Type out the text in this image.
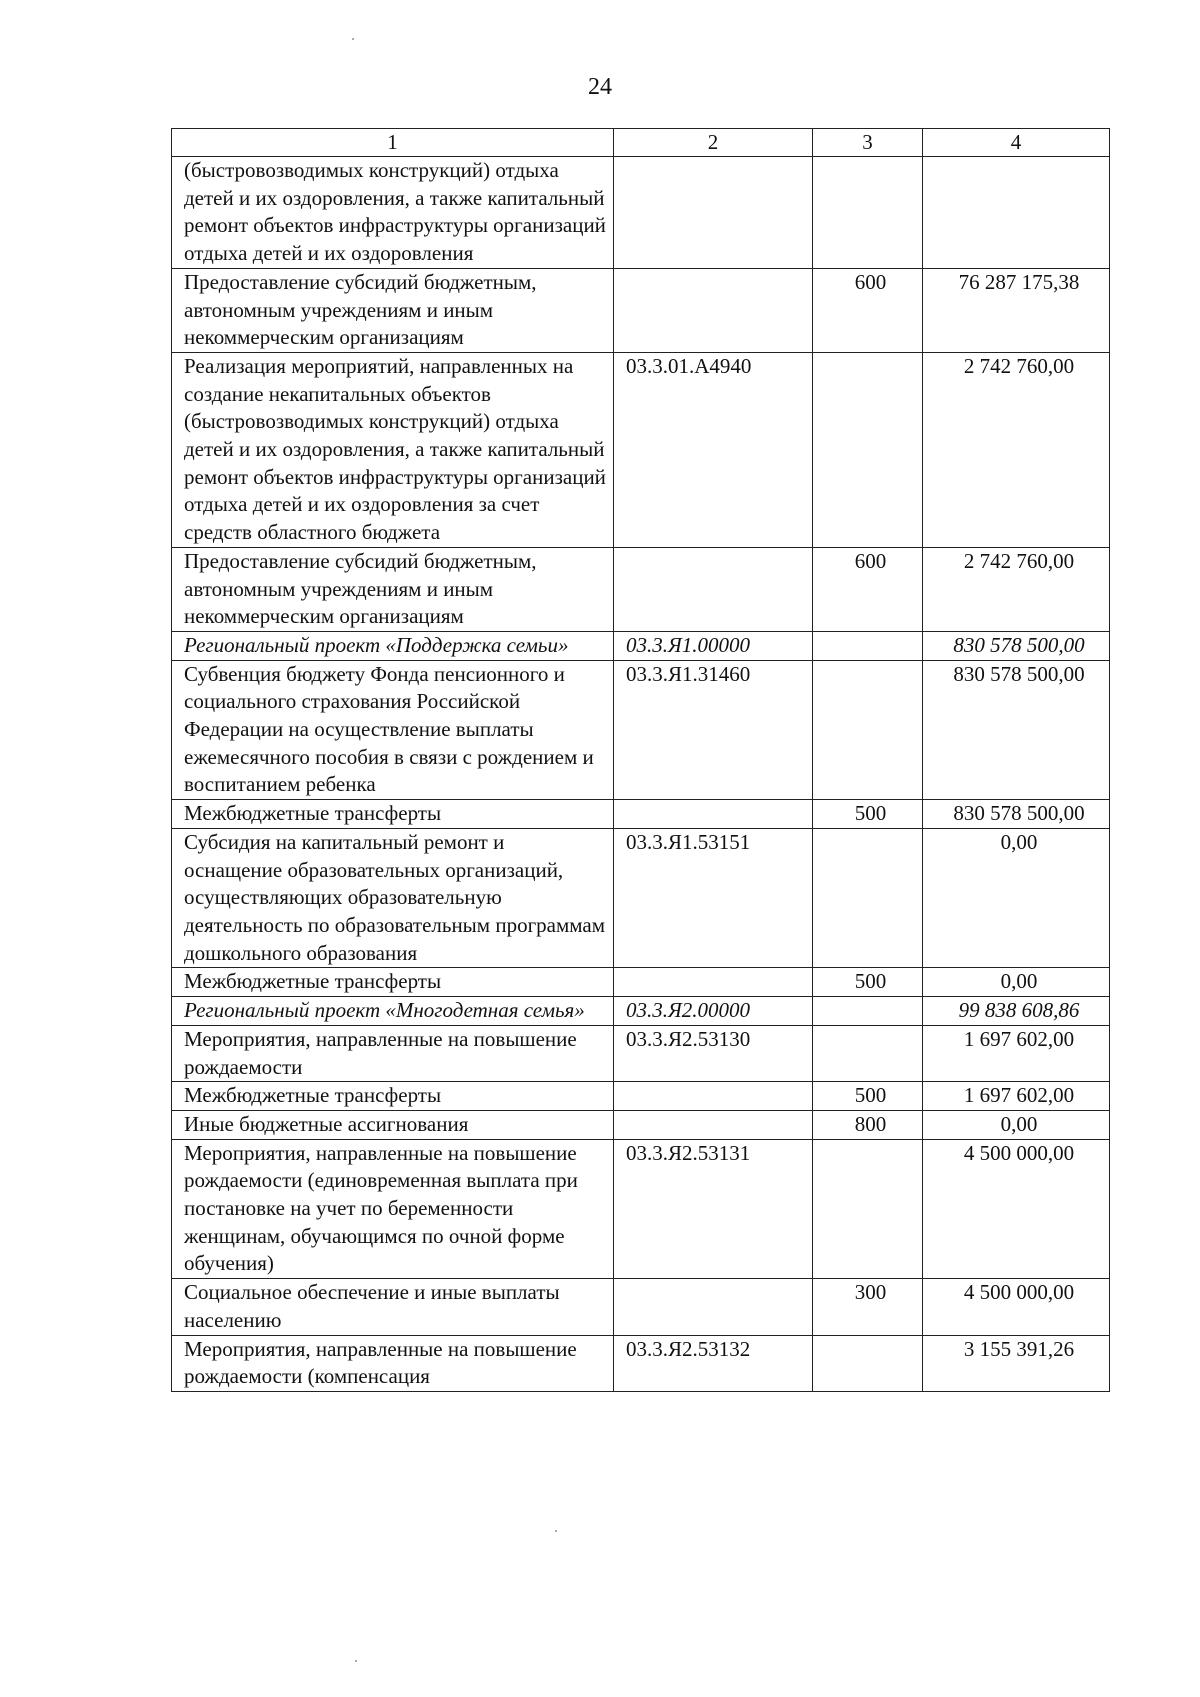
24
1	2	3	4
(быстровозводимых конструкций) отдыха детей и их оздоровления, а также капитальный ремонт объектов инфраструктуры организаций отдыха детей и их оздоровления			
Предоставление субсидий бюджетным, автономным учреждениям и иным некоммерческим организациям		600	76 287 175,38
Реализация мероприятий, направленных на создание некапитальных объектов (быстровозводимых конструкций) отдыха детей и их оздоровления, а также капитальный ремонт объектов инфраструктуры организаций отдыха детей и их оздоровления за счет средств областного бюджета	03.3.01.А4940		2 742 760,00
Предоставление субсидий бюджетным, автономным учреждениям и иным некоммерческим организациям		600	2 742 760,00
Региональный проект «Поддержка семьи»	03.3.Я1.00000		830 578 500,00
Субвенция бюджету Фонда пенсионного и социального страхования Российской Федерации на осуществление выплаты ежемесячного пособия в связи с рождением и воспитанием ребенка	03.3.Я1.31460		830 578 500,00
Межбюджетные трансферты		500	830 578 500,00
Субсидия на капитальный ремонт и оснащение образовательных организаций, осуществляющих образовательную деятельность по образовательным программам дошкольного образования	03.3.Я1.53151		0,00
Межбюджетные трансферты		500	0,00
Региональный проект «Многодетная семья»	03.3.Я2.00000		99 838 608,86
Мероприятия, направленные на повышение рождаемости	03.3.Я2.53130		1 697 602,00
Межбюджетные трансферты		500	1 697 602,00
Иные бюджетные ассигнования		800	0,00
Мероприятия, направленные на повышение рождаемости (единовременная выплата при постановке на учет по беременности женщинам, обучающимся по очной форме обучения)	03.3.Я2.53131		4 500 000,00
Социальное обеспечение и иные выплаты населению		300	4 500 000,00
Мероприятия, направленные на повышение рождаемости (компенсация	03.3.Я2.53132		3 155 391,26
